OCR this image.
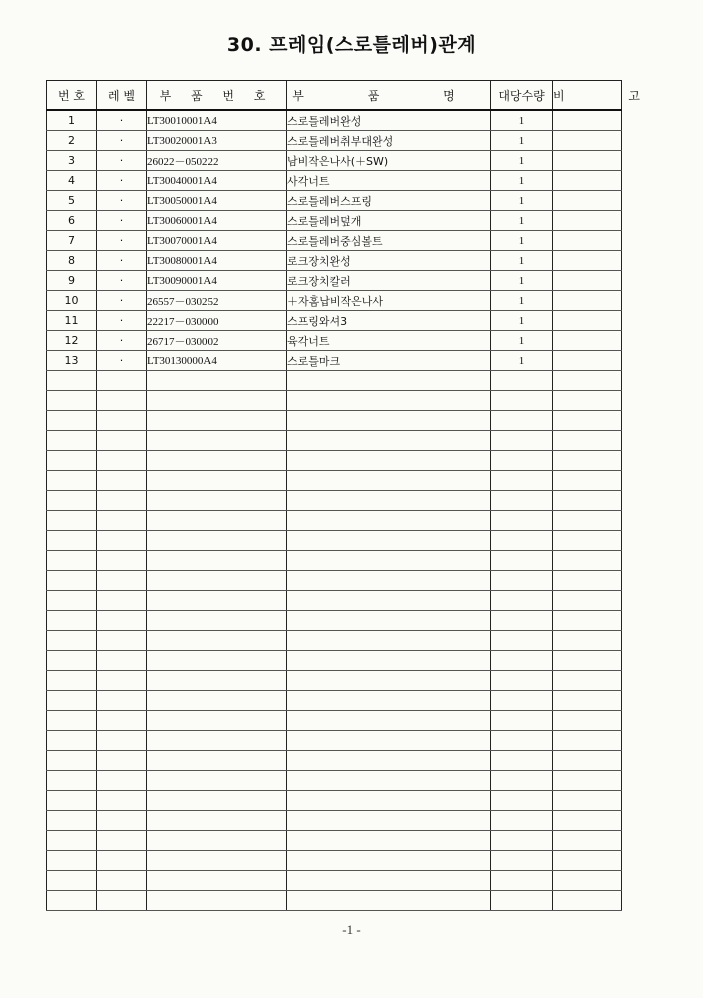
30. 프레임(스로틀레버)관계
번 호	레 벨	부 품 번 호	부 품 명	대당수량	비 고
1	·	LT30010001A4	스로틀레버완성	1	
2	·	LT30020001A3	스로틀레버취부대완성	1	
3	·	26022－050222	남비작은나사(＋SW)	1	
4	·	LT30040001A4	사각너트	1	
5	·	LT30050001A4	스로틀레버스프링	1	
6	·	LT30060001A4	스로틀레버덮개	1	
7	·	LT30070001A4	스로틀레버중심볼트	1	
8	·	LT30080001A4	로크장치완성	1	
9	·	LT30090001A4	로크장치칼러	1	
10	·	26557－030252	＋자홈납비작은나사	1	
11	·	22217－030000	스프링와셔3	1	
12	·	26717－030002	육각너트	1	
13	·	LT30130000A4	스로틀마크	1	

-1 -
